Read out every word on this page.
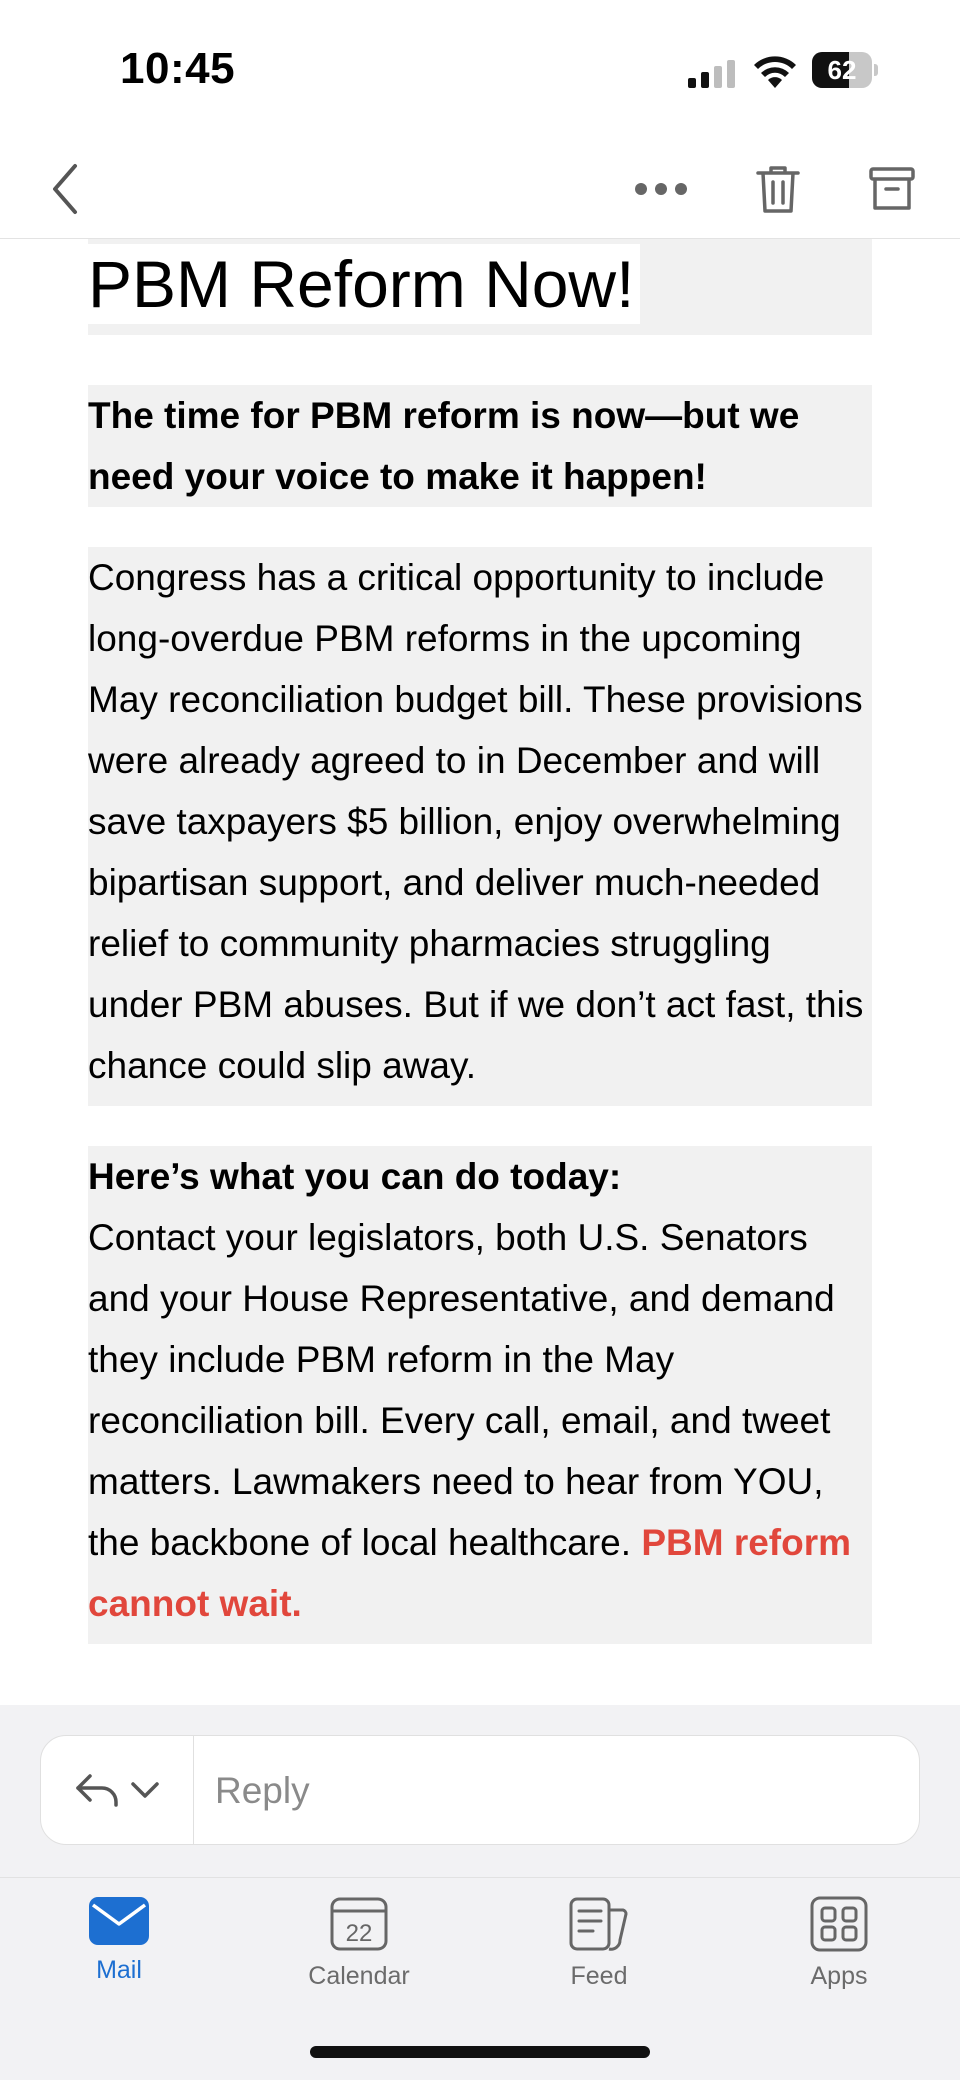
10:45	62
PBM Reform Now!
The time for PBM reform is now—but we need your voice to make it happen!
Congress has a critical opportunity to include long-overdue PBM reforms in the upcoming May reconciliation budget bill. These provisions were already agreed to in December and will save taxpayers $5 billion, enjoy overwhelming bipartisan support, and deliver much-needed relief to community pharmacies struggling under PBM abuses. But if we don’t act fast, this chance could slip away.
Here’s what you can do today:
Contact your legislators, both U.S. Senators and your House Representative, and demand they include PBM reform in the May reconciliation bill. Every call, email, and tweet matters. Lawmakers need to hear from YOU, the backbone of local healthcare. PBM reform cannot wait.
Reply
Mail
22
Calendar	Feed	Apps
